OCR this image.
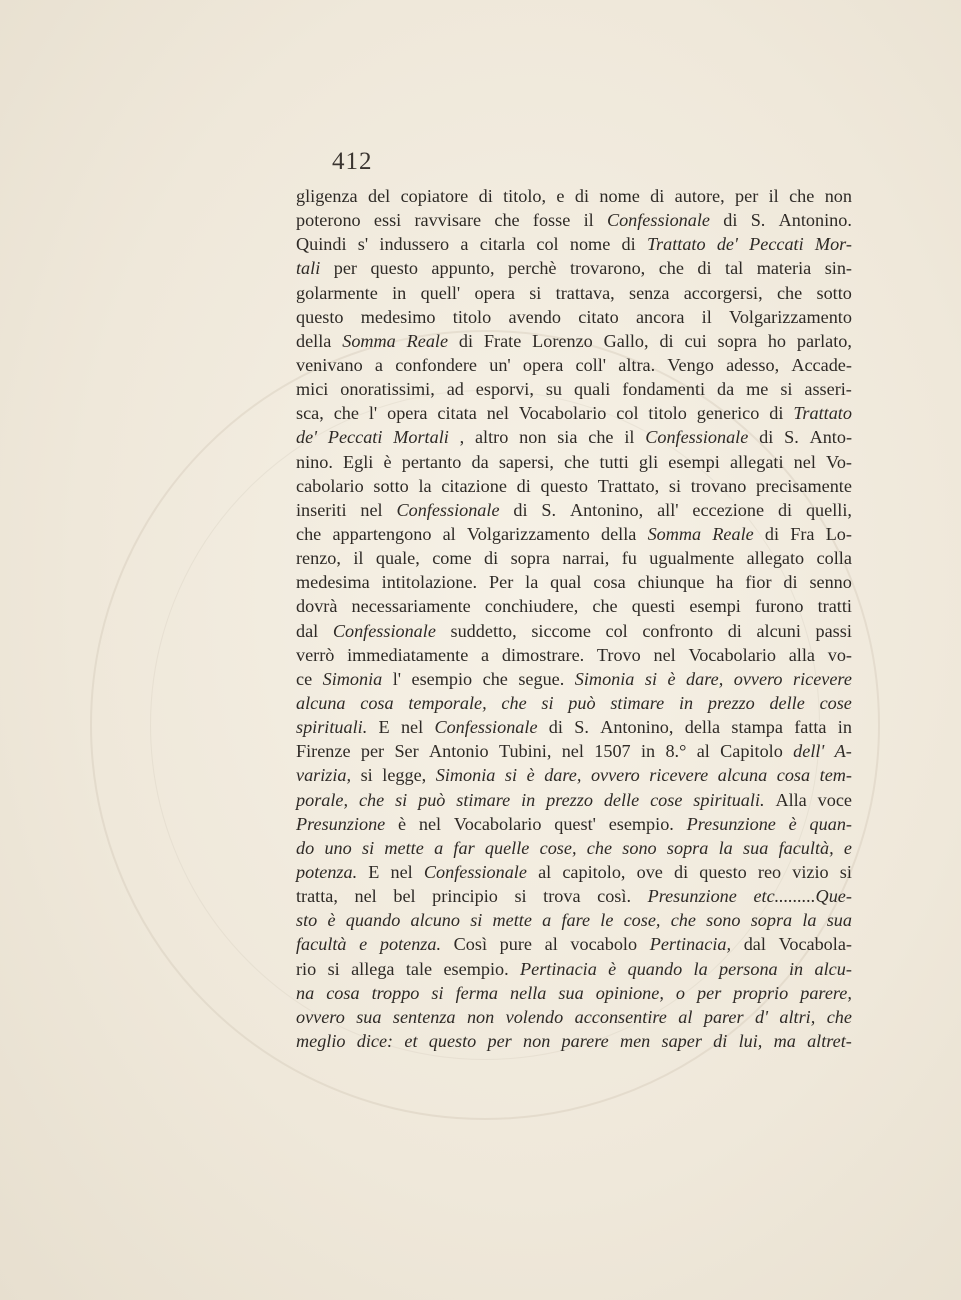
412
gligenza del copiatore di titolo, e di nome di autore, per il che non
poterono essi ravvisare che fosse il Confessionale di S. Antonino.
Quindi s' indussero a citarla col nome di Trattato de' Peccati Mor-
tali per questo appunto, perchè trovarono, che di tal materia sin-
golarmente in quell' opera si trattava, senza accorgersi, che sotto
questo medesimo titolo avendo citato ancora il Volgarizzamento
della Somma Reale di Frate Lorenzo Gallo, di cui sopra ho parlato,
venivano a confondere un' opera coll' altra. Vengo adesso, Accade-
mici onoratissimi, ad esporvi, su quali fondamenti da me si asseri-
sca, che l' opera citata nel Vocabolario col titolo generico di Trattato
de' Peccati Mortali , altro non sia che il Confessionale di S. Anto-
nino. Egli è pertanto da sapersi, che tutti gli esempi allegati nel Vo-
cabolario sotto la citazione di questo Trattato, si trovano precisamente
inseriti nel Confessionale di S. Antonino, all' eccezione di quelli,
che appartengono al Volgarizzamento della Somma Reale di Fra Lo-
renzo, il quale, come di sopra narrai, fu ugualmente allegato colla
medesima intitolazione. Per la qual cosa chiunque ha fior di senno
dovrà necessariamente conchiudere, che questi esempi furono tratti
dal Confessionale suddetto, siccome col confronto di alcuni passi
verrò immediatamente a dimostrare. Trovo nel Vocabolario alla vo-
ce Simonia l' esempio che segue. Simonia si è dare, ovvero ricevere
alcuna cosa temporale, che si può stimare in prezzo delle cose
spirituali. E nel Confessionale di S. Antonino, della stampa fatta in
Firenze per Ser Antonio Tubini, nel 1507 in 8.° al Capitolo dell' A-
varizia, si legge, Simonia si è dare, ovvero ricevere alcuna cosa tem-
porale, che si può stimare in prezzo delle cose spirituali. Alla voce
Presunzione è nel Vocabolario quest' esempio. Presunzione è quan-
do uno si mette a far quelle cose, che sono sopra la sua facultà, e
potenza. E nel Confessionale al capitolo, ove di questo reo vizio si
tratta, nel bel principio si trova così. Presunzione etc.........Que-
sto è quando alcuno si mette a fare le cose, che sono sopra la sua
facultà e potenza. Così pure al vocabolo Pertinacia, dal Vocabola-
rio si allega tale esempio. Pertinacia è quando la persona in alcu-
na cosa troppo si ferma nella sua opinione, o per proprio parere,
ovvero sua sentenza non volendo acconsentire al parer d' altri, che
meglio dice: et questo per non parere men saper di lui, ma altret-
